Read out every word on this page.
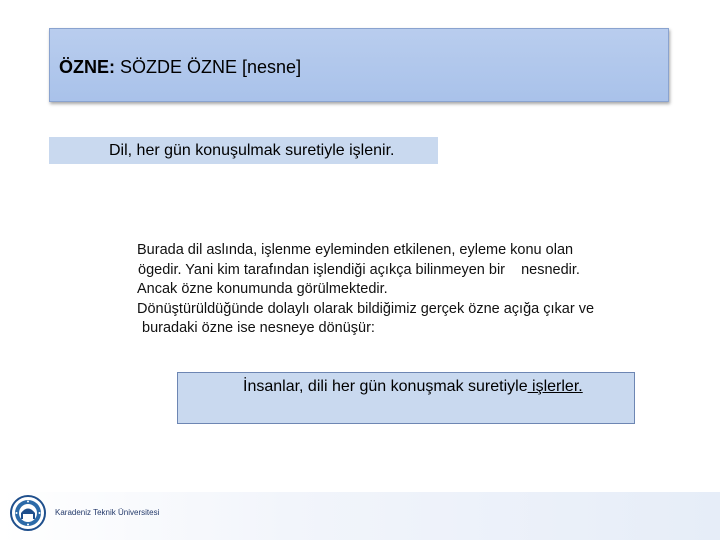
ÖZNE: SÖZDE ÖZNE [nesne]
Dil, her gün konuşulmak suretiyle işlenir.
Burada dil aslında, işlenme eyleminden etkilenen, eyleme konu olan
ögedir. Yani kim tarafından işlendiği açıkça bilinmeyen bir    nesnedir.
Ancak özne konumunda görülmektedir.
Dönüştürüldüğünde dolaylı olarak bildiğimiz gerçek özne açığa çıkar ve
buradaki özne ise nesneye dönüşür:
İnsanlar, dili her gün konuşmak suretiyle işlerler.
Karadeniz Teknik Üniversitesi
